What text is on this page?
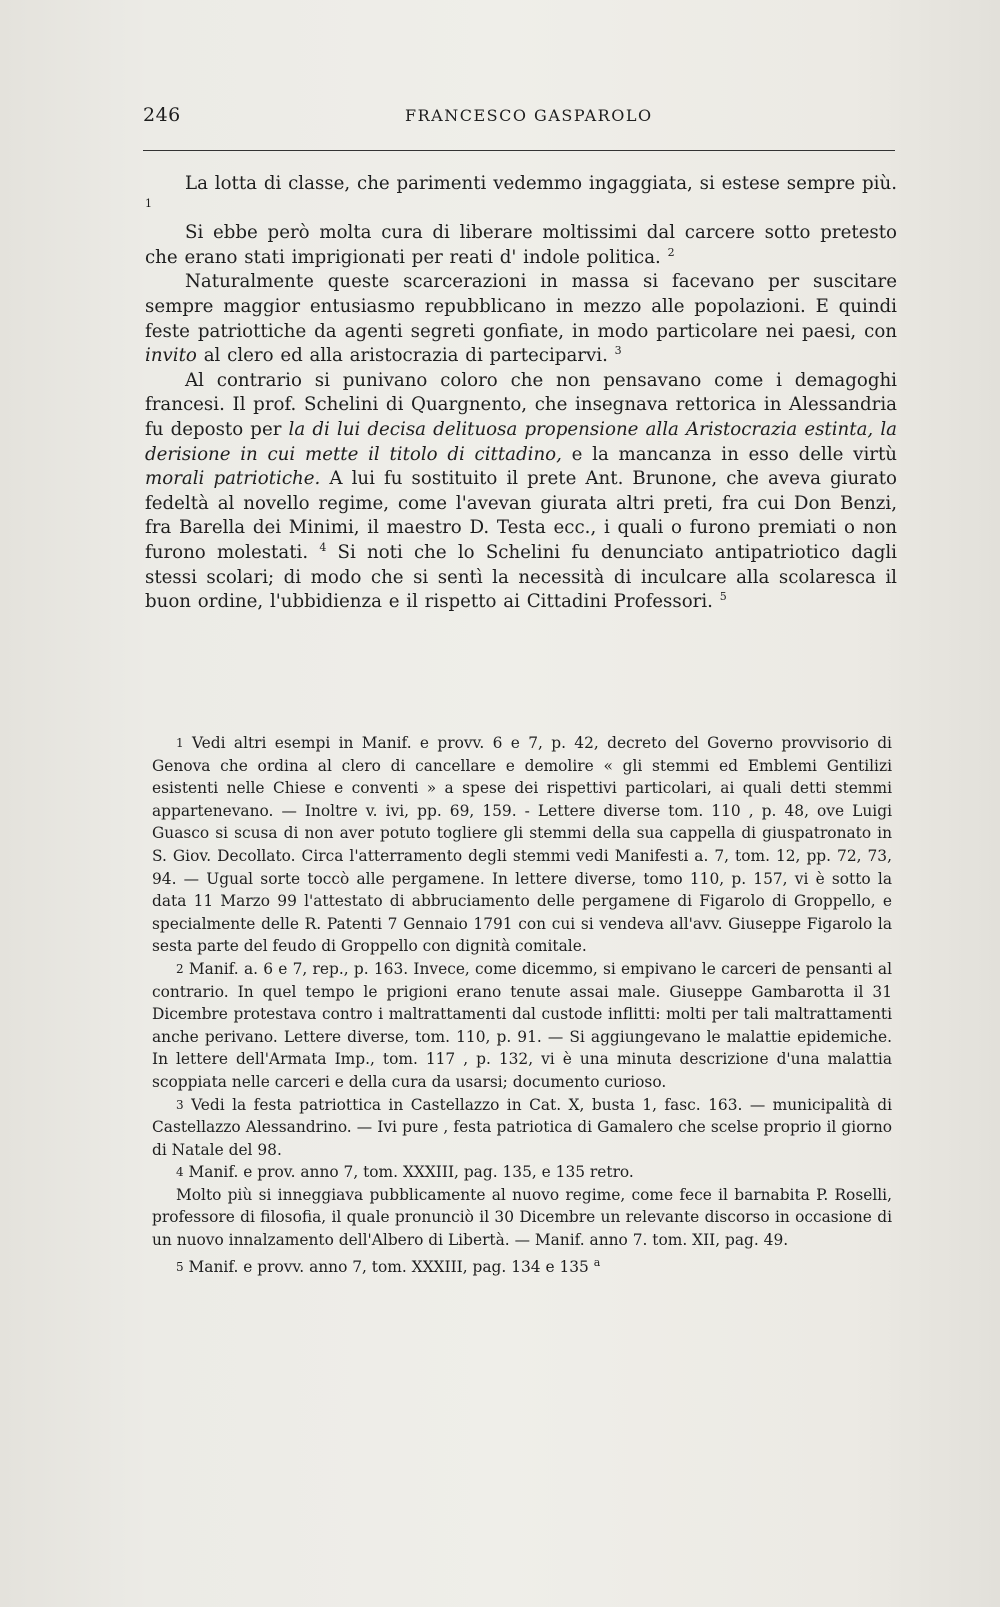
246	FRANCESCO GASPAROLO

La lotta di classe, che parimenti vedemmo ingaggiata, si estese sempre più. $^1$

Si ebbe però molta cura di liberare moltissimi dal carcere sotto pretesto che erano stati imprigionati per reati d' indole politica. $^2$

Naturalmente queste scarcerazioni in massa si facevano per suscitare sempre maggior entusiasmo repubblicano in mezzo alle popolazioni. E quindi feste patriottiche da agenti segreti gonfiate, in modo particolare nei paesi, con invito al clero ed alla aristocrazia di parteciparvi. $^3$

Al contrario si punivano coloro che non pensavano come i demagoghi francesi. Il prof. Schelini di Quargnento, che insegnava rettorica in Alessandria fu deposto per la di lui decisa delituosa propensione alla Aristocrazia estinta, la derisione in cui mette il titolo di cittadino, e la mancanza in esso delle virtù morali patriotiche. A lui fu sostituito il prete Ant. Brunone, che aveva giurato fedeltà al novello regime, come l'avevan giurata altri preti, fra cui Don Benzi, fra Barella dei Minimi, il maestro D. Testa ecc., i quali o furono premiati o non furono molestati. $^4$ Si noti che lo Schelini fu denunciato antipatriotico dagli stessi scolari; di modo che si sentì la necessità di inculcare alla scolaresca il buon ordine, l'ubbidienza e il rispetto ai Cittadini Professori. $^5$

1 Vedi altri esempi in Manif. e provv. 6 e 7, p. 42, decreto del Governo provvisorio di Genova che ordina al clero di cancellare e demolire « gli stemmi ed Emblemi Gentilizi esistenti nelle Chiese e conventi » a spese dei rispettivi particolari, ai quali detti stemmi appartenevano. — Inoltre v. ivi, pp. 69, 159. - Lettere diverse tom. 110 , p. 48, ove Luigi Guasco si scusa di non aver potuto togliere gli stemmi della sua cappella di giuspatronato in S. Giov. Decollato. Circa l'atterramento degli stemmi vedi Manifesti a. 7, tom. 12, pp. 72, 73, 94. — Ugual sorte toccò alle pergamene. In lettere diverse, tomo 110, p. 157, vi è sotto la data 11 Marzo 99 l'attestato di abbruciamento delle pergamene di Figarolo di Groppello, e specialmente delle R. Patenti 7 Gennaio 1791 con cui si vendeva all'avv. Giuseppe Figarolo la sesta parte del feudo di Groppello con dignità comitale.

2 Manif. a. 6 e 7, rep., p. 163. Invece, come dicemmo, si empivano le carceri de pensanti al contrario. In quel tempo le prigioni erano tenute assai male. Giuseppe Gambarotta il 31 Dicembre protestava contro i maltrattamenti dal custode inflitti: molti per tali maltrattamenti anche perivano. Lettere diverse, tom. 110, p. 91. — Si aggiungevano le malattie epidemiche. In lettere dell'Armata Imp., tom. 117 , p. 132, vi è una minuta descrizione d'una malattia scoppiata nelle carceri e della cura da usarsi; documento curioso.

3 Vedi la festa patriottica in Castellazzo in Cat. X, busta 1, fasc. 163. — municipalità di Castellazzo Alessandrino. — Ivi pure , festa patriotica di Gamalero che scelse proprio il giorno di Natale del 98.

4 Manif. e prov. anno 7, tom. XXXIII, pag. 135, e 135 retro.

Molto più si inneggiava pubblicamente al nuovo regime, come fece il barnabita P. Roselli, professore di filosofia, il quale pronunciò il 30 Dicembre un relevante discorso in occasione di un nuovo innalzamento dell'Albero di Libertà. — Manif. anno 7. tom. XII, pag. 49.

5 Manif. e provv. anno 7, tom. XXXIII, pag. 134 e 135 $^a$
